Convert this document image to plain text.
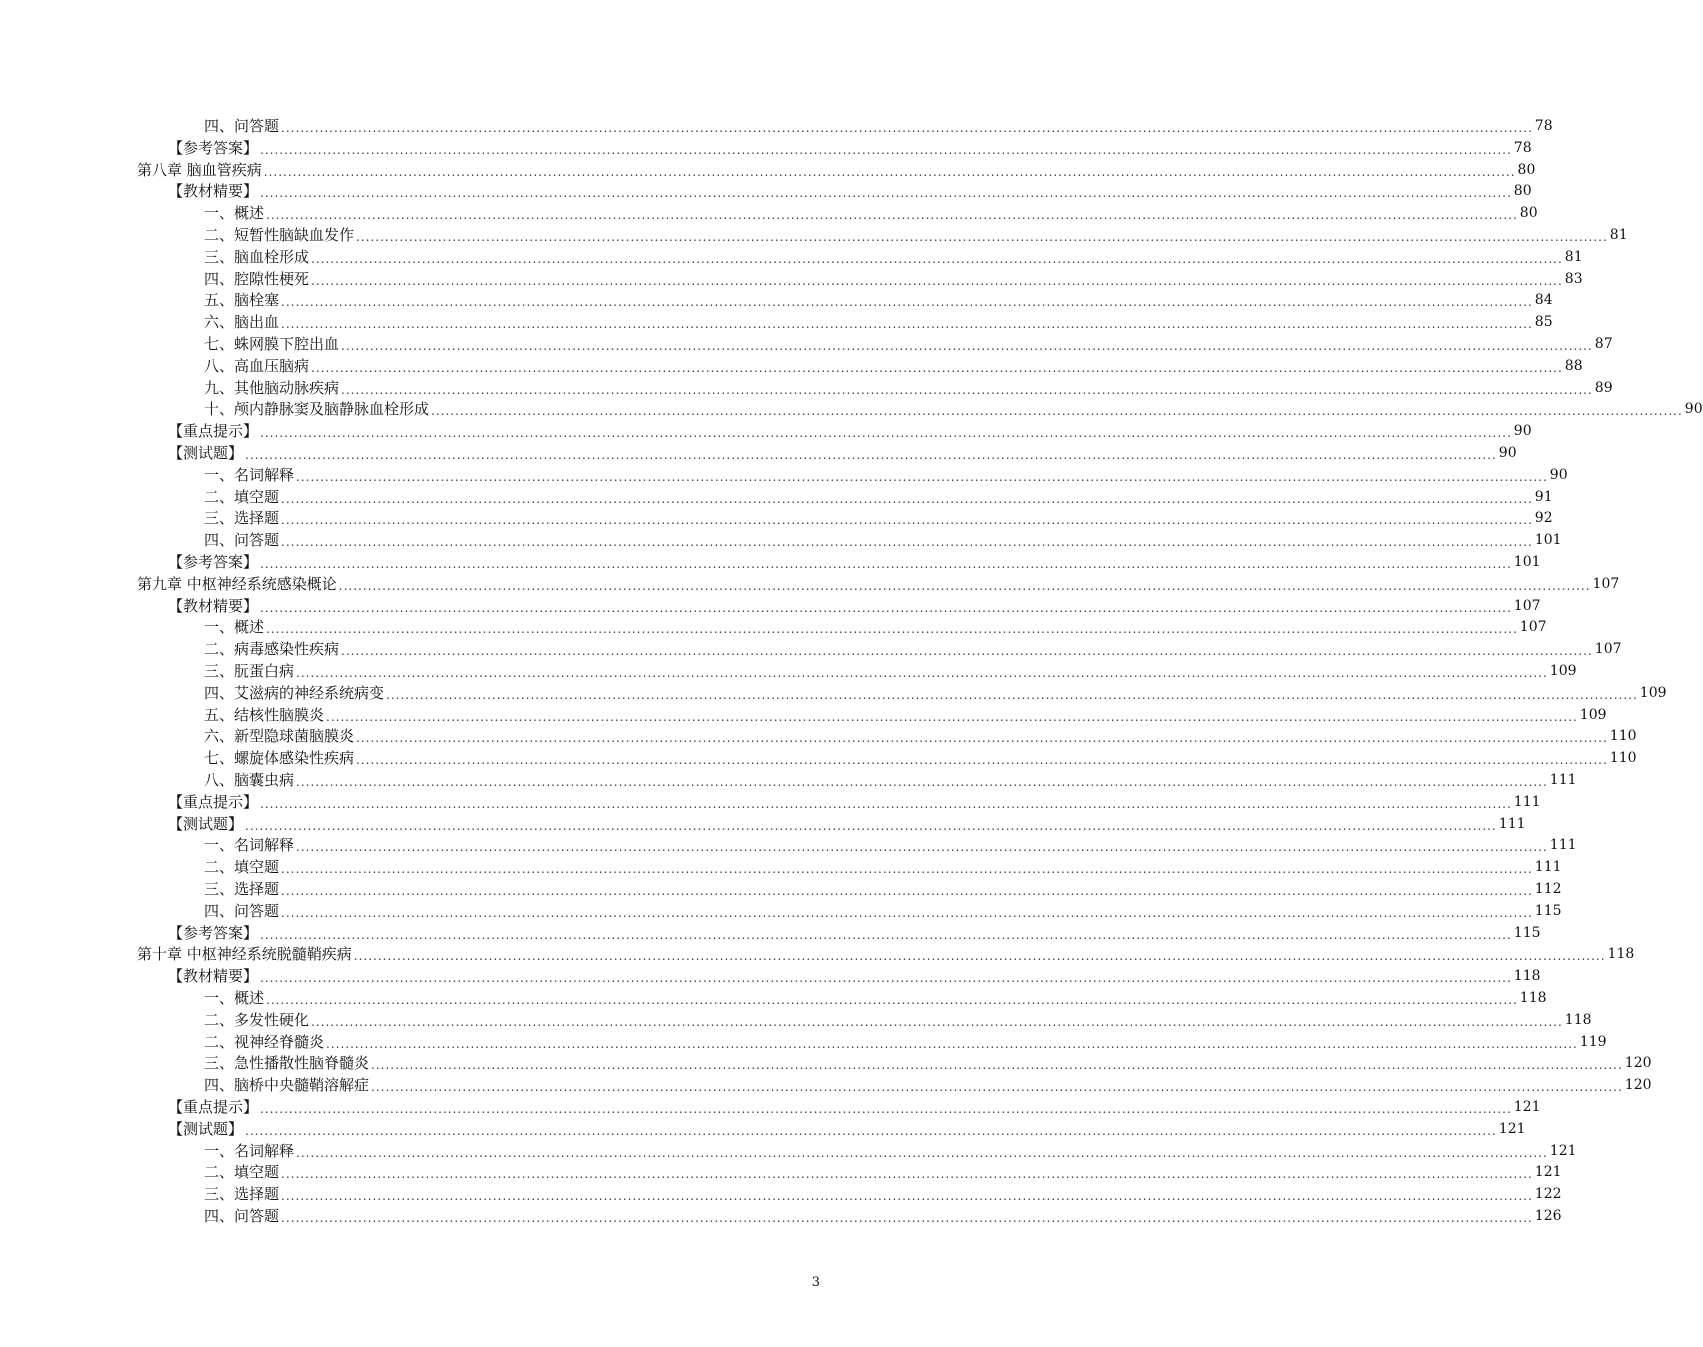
四、问答题 .................................................................................................................................................................................................................................................................... 78
【参考答案】 .................................................................................................................................................................................................................................................................... 78
第八章 脑血管疾病 .................................................................................................................................................................................................................................................................... 80
【教材精要】 .................................................................................................................................................................................................................................................................... 80
一、概述 .................................................................................................................................................................................................................................................................... 80
二、短暂性脑缺血发作 .................................................................................................................................................................................................................................................................... 81
三、脑血栓形成 .................................................................................................................................................................................................................................................................... 81
四、腔隙性梗死 .................................................................................................................................................................................................................................................................... 83
五、脑栓塞 .................................................................................................................................................................................................................................................................... 84
六、脑出血 .................................................................................................................................................................................................................................................................... 85
七、蛛网膜下腔出血 .................................................................................................................................................................................................................................................................... 87
八、高血压脑病 .................................................................................................................................................................................................................................................................... 88
九、其他脑动脉疾病 .................................................................................................................................................................................................................................................................... 89
十、颅内静脉窦及脑静脉血栓形成 .................................................................................................................................................................................................................................................................... 90
【重点提示】 .................................................................................................................................................................................................................................................................... 90
【测试题】 .................................................................................................................................................................................................................................................................... 90
一、名词解释 .................................................................................................................................................................................................................................................................... 90
二、填空题 .................................................................................................................................................................................................................................................................... 91
三、选择题 .................................................................................................................................................................................................................................................................... 92
四、问答题 .................................................................................................................................................................................................................................................................... 101
【参考答案】 .................................................................................................................................................................................................................................................................... 101
第九章 中枢神经系统感染概论 .................................................................................................................................................................................................................................................................... 107
【教材精要】 .................................................................................................................................................................................................................................................................... 107
一、概述 .................................................................................................................................................................................................................................................................... 107
二、病毒感染性疾病 .................................................................................................................................................................................................................................................................... 107
三、朊蛋白病 .................................................................................................................................................................................................................................................................... 109
四、艾滋病的神经系统病变 .................................................................................................................................................................................................................................................................... 109
五、结核性脑膜炎 .................................................................................................................................................................................................................................................................... 109
六、新型隐球菌脑膜炎 .................................................................................................................................................................................................................................................................... 110
七、螺旋体感染性疾病 .................................................................................................................................................................................................................................................................... 110
八、脑囊虫病 .................................................................................................................................................................................................................................................................... 111
【重点提示】 .................................................................................................................................................................................................................................................................... 111
【测试题】 .................................................................................................................................................................................................................................................................... 111
一、名词解释 .................................................................................................................................................................................................................................................................... 111
二、填空题 .................................................................................................................................................................................................................................................................... 111
三、选择题 .................................................................................................................................................................................................................................................................... 112
四、问答题 .................................................................................................................................................................................................................................................................... 115
【参考答案】 .................................................................................................................................................................................................................................................................... 115
第十章 中枢神经系统脱髓鞘疾病 .................................................................................................................................................................................................................................................................... 118
【教材精要】 .................................................................................................................................................................................................................................................................... 118
一、概述 .................................................................................................................................................................................................................................................................... 118
二、多发性硬化 .................................................................................................................................................................................................................................................................... 118
二、视神经脊髓炎 .................................................................................................................................................................................................................................................................... 119
三、急性播散性脑脊髓炎 .................................................................................................................................................................................................................................................................... 120
四、脑桥中央髓鞘溶解症 .................................................................................................................................................................................................................................................................... 120
【重点提示】 .................................................................................................................................................................................................................................................................... 121
【测试题】 .................................................................................................................................................................................................................................................................... 121
一、名词解释 .................................................................................................................................................................................................................................................................... 121
二、填空题 .................................................................................................................................................................................................................................................................... 121
三、选择题 .................................................................................................................................................................................................................................................................... 122
四、问答题 .................................................................................................................................................................................................................................................................... 126
3
